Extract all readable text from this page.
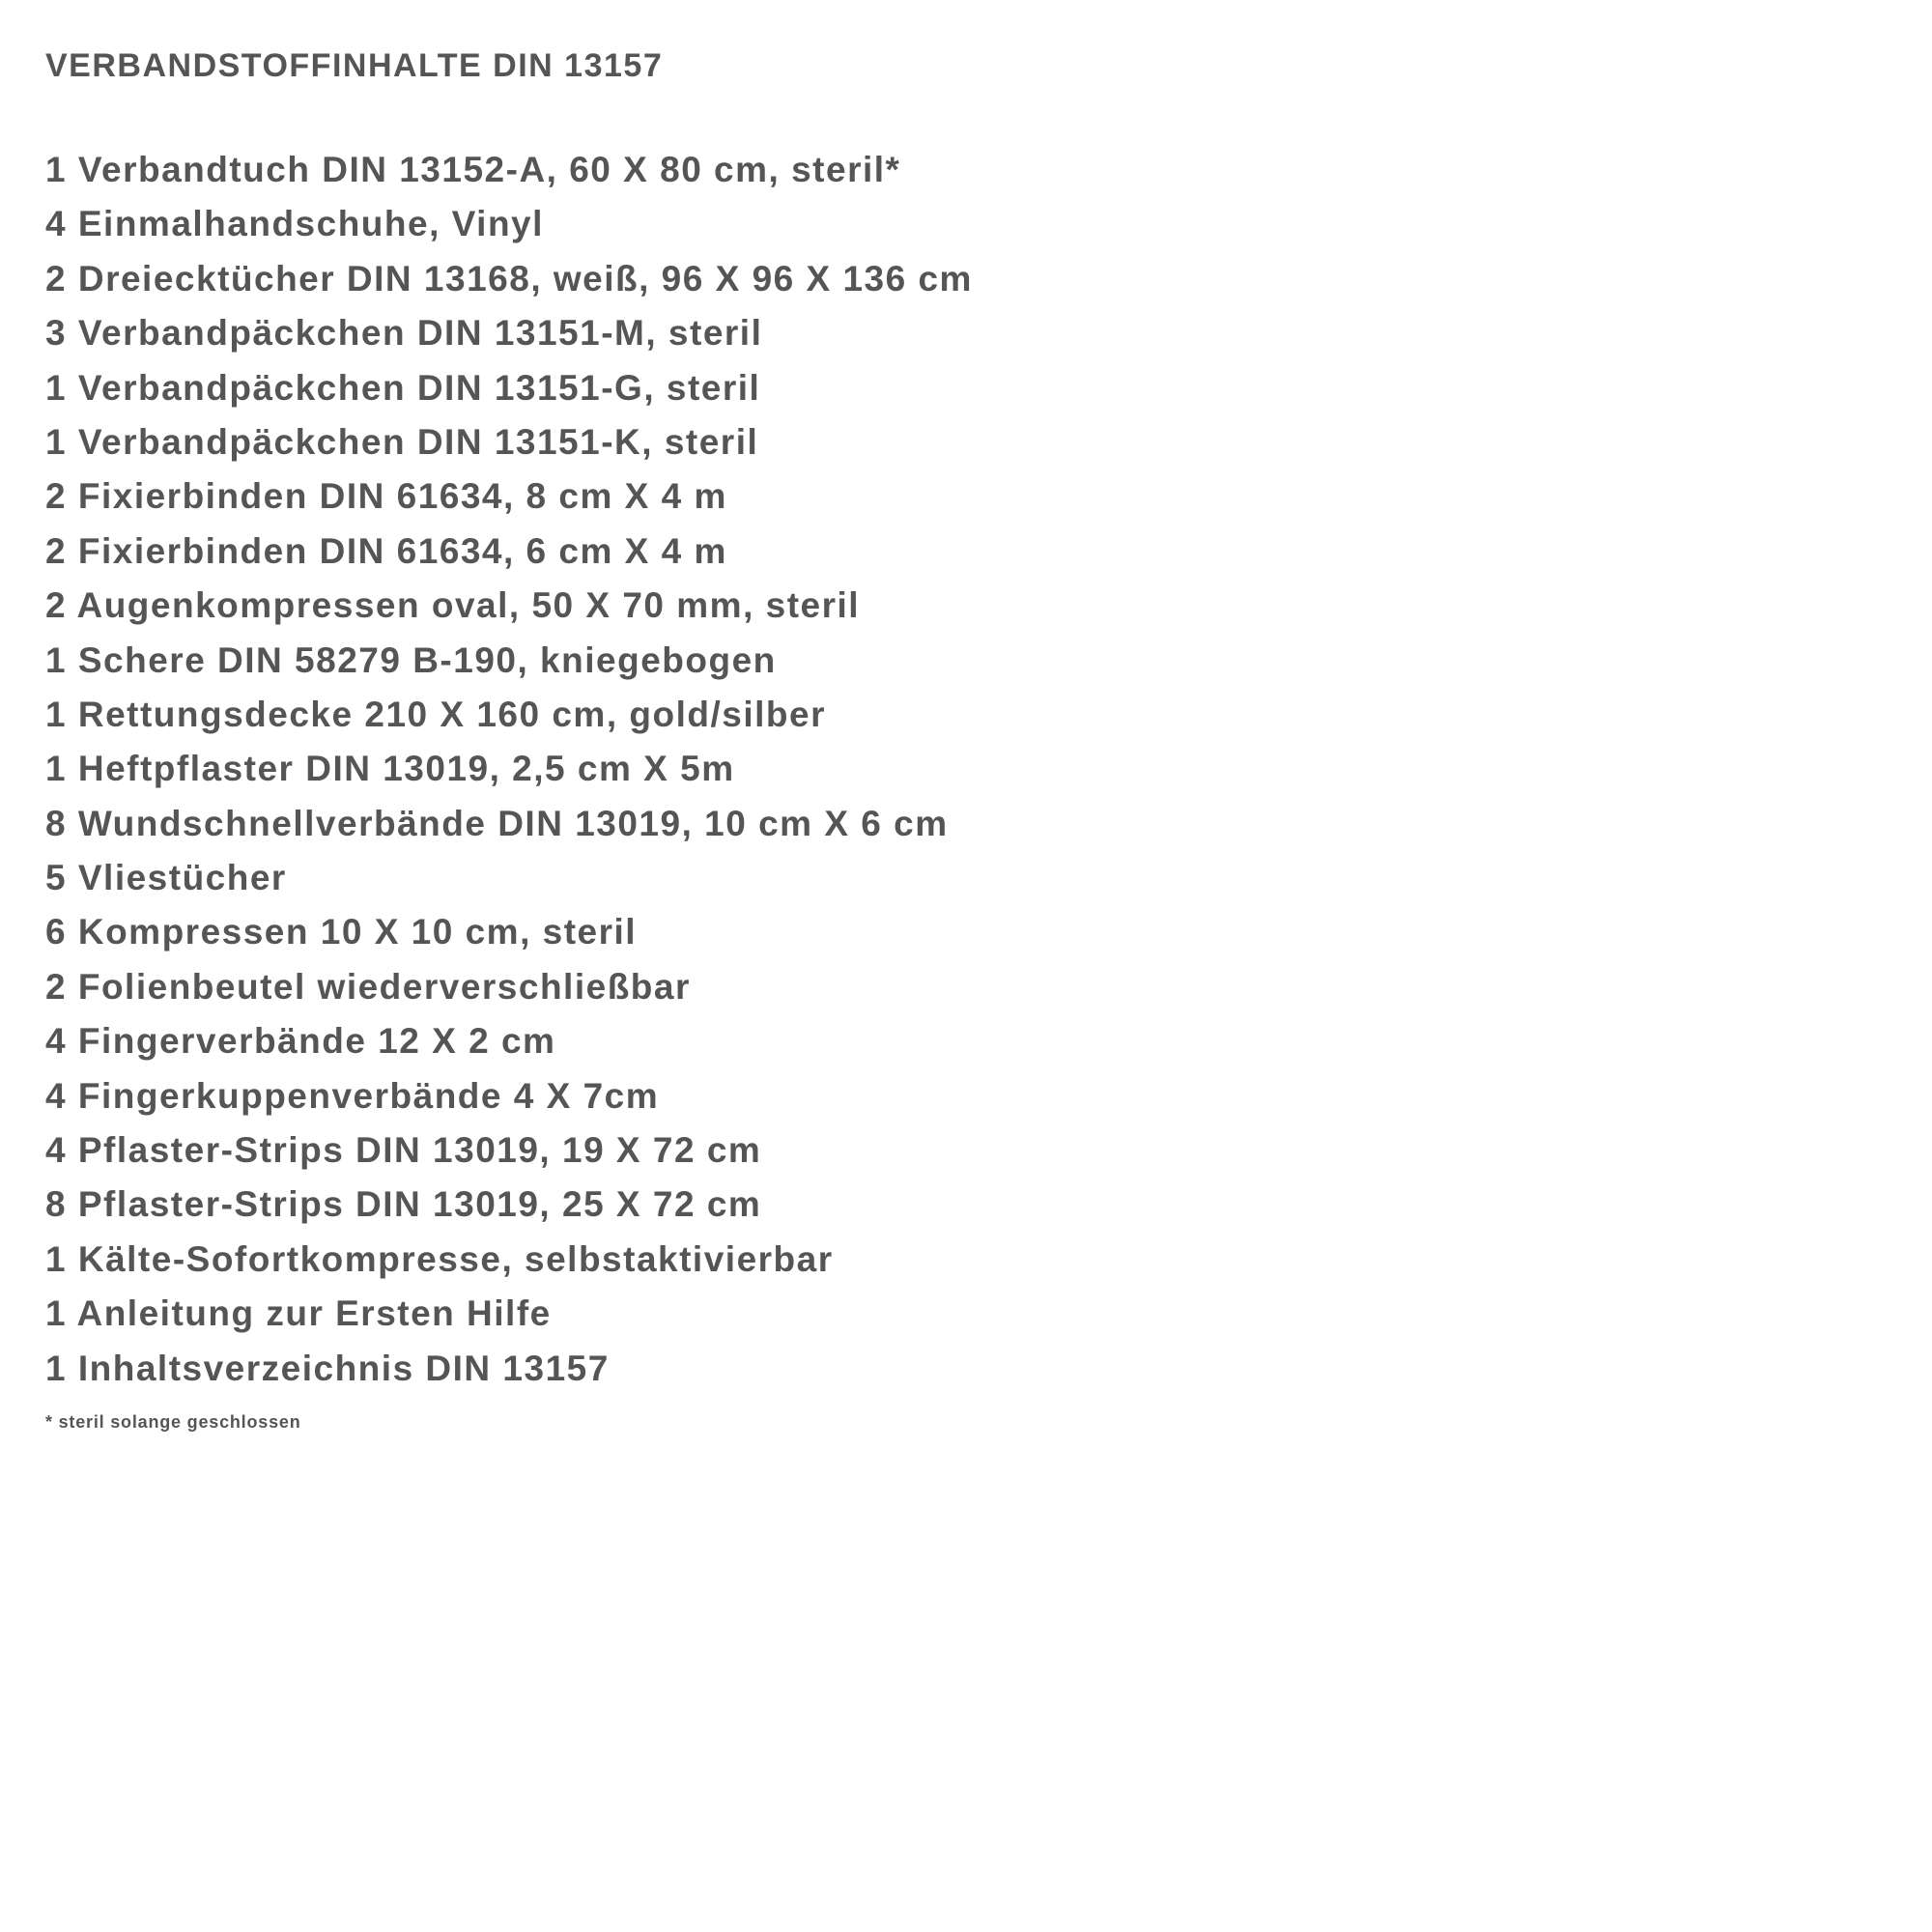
VERBANDSTOFFINHALTE DIN 13157
1 Verbandtuch DIN 13152-A, 60 X 80 cm, steril*
4 Einmalhandschuhe, Vinyl
2 Dreiecktücher DIN 13168, weiß, 96 X 96 X 136 cm
3 Verbandpäckchen DIN 13151-M, steril
1 Verbandpäckchen DIN 13151-G, steril
1 Verbandpäckchen DIN 13151-K, steril
2 Fixierbinden DIN 61634, 8 cm X 4 m
2 Fixierbinden DIN 61634, 6 cm X 4 m
2 Augenkompressen oval, 50 X 70 mm, steril
1 Schere DIN 58279 B-190, kniegebogen
1 Rettungsdecke 210 X 160 cm, gold/silber
1 Heftpflaster DIN 13019, 2,5 cm X 5m
8 Wundschnellverbände DIN 13019, 10 cm X 6 cm
5 Vliestücher
6 Kompressen 10 X 10 cm, steril
2 Folienbeutel wiederverschließbar
4 Fingerverbände 12 X 2 cm
4 Fingerkuppenverbände 4 X 7cm
4 Pflaster-Strips DIN 13019, 19 X 72 cm
8 Pflaster-Strips DIN 13019, 25 X 72 cm
1 Kälte-Sofortkompresse, selbstaktivierbar
1 Anleitung zur Ersten Hilfe
1 Inhaltsverzeichnis DIN 13157
* steril solange geschlossen
